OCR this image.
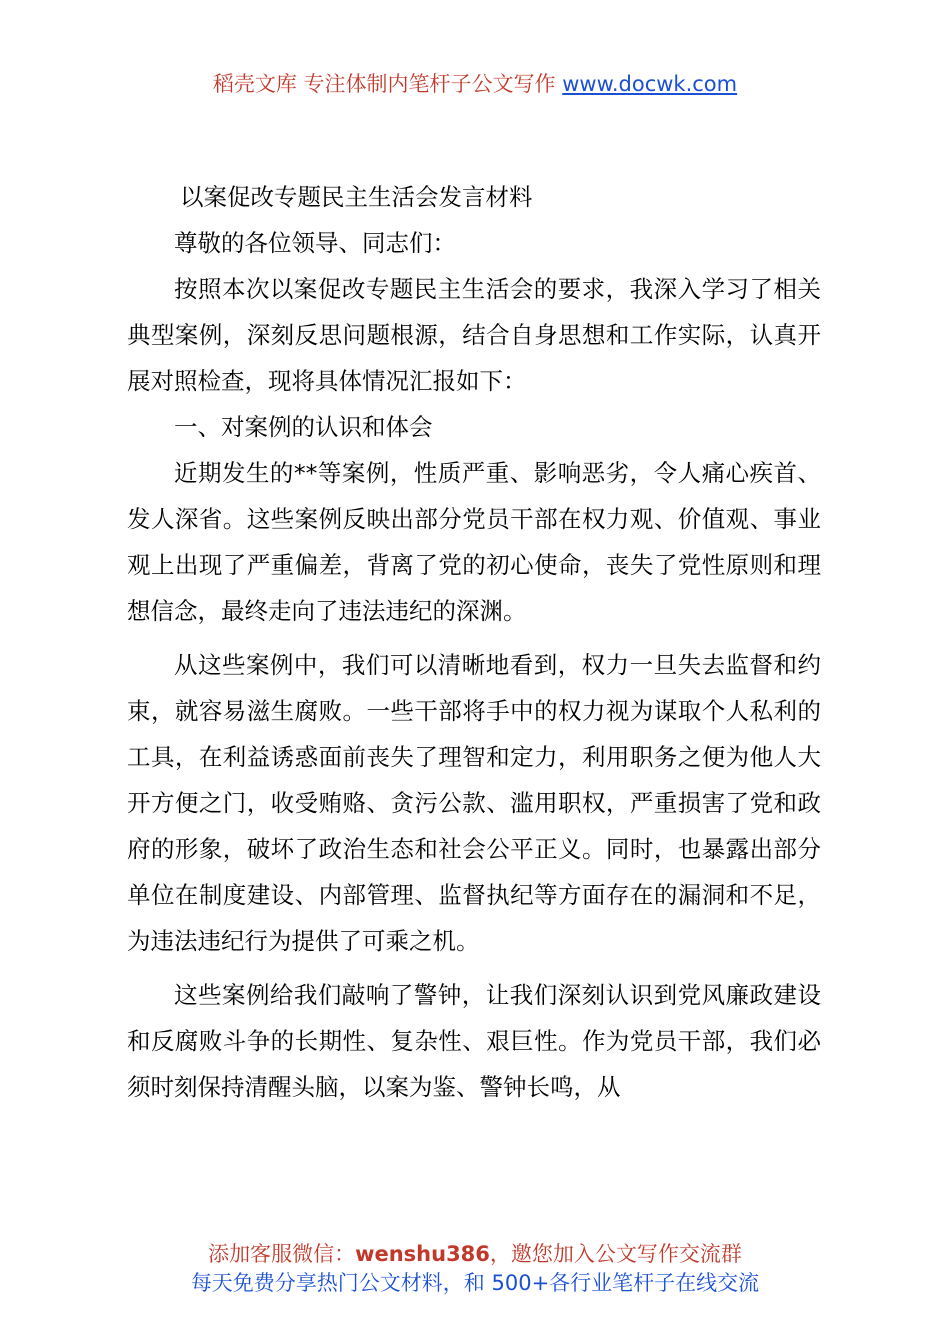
稻壳文库 专注体制内笔杆子公文写作 www.docwk.com

以案促改专题民主生活会发言材料

尊敬的各位领导、同志们：

按照本次以案促改专题民主生活会的要求，我深入学习了相关典型案例，深刻反思问题根源，结合自身思想和工作实际，认真开展对照检查，现将具体情况汇报如下：

一、对案例的认识和体会

近期发生的**等案例，性质严重、影响恶劣，令人痛心疾首、发人深省。这些案例反映出部分党员干部在权力观、价值观、事业观上出现了严重偏差，背离了党的初心使命，丧失了党性原则和理想信念，最终走向了违法违纪的深渊。

从这些案例中，我们可以清晰地看到，权力一旦失去监督和约束，就容易滋生腐败。一些干部将手中的权力视为谋取个人私利的工具，在利益诱惑面前丧失了理智和定力，利用职务之便为他人大开方便之门，收受贿赂、贪污公款、滥用职权，严重损害了党和政府的形象，破坏了政治生态和社会公平正义。同时，也暴露出部分单位在制度建设、内部管理、监督执纪等方面存在的漏洞和不足，为违法违纪行为提供了可乘之机。

这些案例给我们敲响了警钟，让我们深刻认识到党风廉政建设和反腐败斗争的长期性、复杂性、艰巨性。作为党员干部，我们必须时刻保持清醒头脑，以案为鉴、警钟长鸣，从

添加客服微信：wenshu386，邀您加入公文写作交流群
每天免费分享热门公文材料，和 500+各行业笔杆子在线交流
